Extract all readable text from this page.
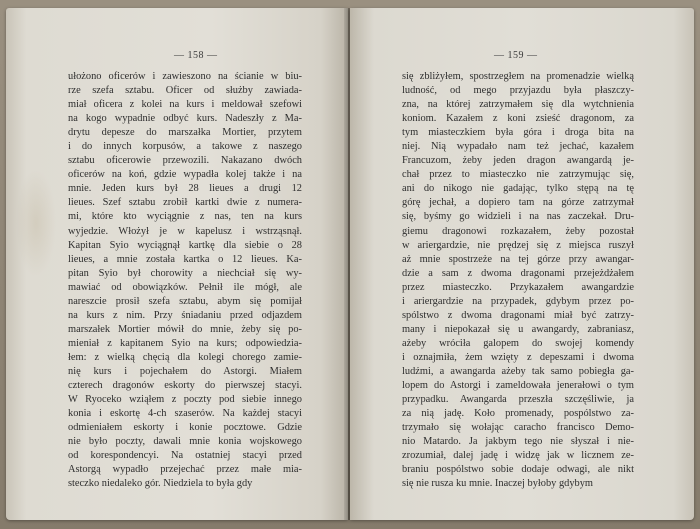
— 158 —
ułożono oficerów i zawieszono na ścianie w biu-
rze szefa sztabu. Oficer od służby zawiada-
miał oficera z kolei na kurs i meldował szefowi
na kogo wypadnie odbyć kurs. Nadeszły z Ma-
drytu depesze do marszałka Mortier, przytem
i do innych korpusów, a takowe z naszego
sztabu oficerowie przewozili. Nakazano dwóch
oficerów na koń, gdzie wypadła kolej także i na
mnie. Jeden kurs był 28 lieues a drugi 12
lieues. Szef sztabu zrobił kartki dwie z numera-
mi, które kto wyciągnie z nas, ten na kurs
wyjedzie. Włożył je w kapelusz i wstrząsnął.
Kapitan Syio wyciągnął kartkę dla siebie o 28
lieues, a mnie została kartka o 12 lieues. Ka-
pitan Syio był chorowity a niechciał się wy-
mawiać od obowiązków. Pełnił ile mógł, ale
nareszcie prosił szefa sztabu, abym się pomijał
na kurs z nim. Przy śniadaniu przed odjazdem
marszałek Mortier mówił do mnie, żeby się po-
mieniał z kapitanem Syio na kurs; odpowiedzia-
łem: z wielką chęcią dla kolegi chorego zamie-
nię kurs i pojechałem do Astorgi. Miałem
czterech dragonów eskorty do pierwszej stacyi.
W Ryoceko wziąłem z poczty pod siebie innego
konia i eskortę 4-ch szaserów. Na każdej stacyi
odmieniałem eskorty i konie pocztowe. Gdzie
nie było poczty, dawali mnie konia wojskowego
od korespondencyi. Na ostatniej stacyi przed
Astorgą wypadło przejechać przez małe mia-
steczko niedaleko gór. Niedziela to była gdy
— 159 —
się zbliżyłem, spostrzegłem na promenadzie wielką
ludność, od mego przyjazdu była płaszczy-
zna, na której zatrzymałem się dla wytchnienia
koniom. Kazałem z koni zsieść dragonom, za
tym miasteczkiem była góra i droga bita na
niej. Nią wypadało nam też jechać, kazałem
Francuzom, żeby jeden dragon awangardą je-
chał przez to miasteczko nie zatrzymując się,
ani do nikogo nie gadając, tylko stępą na tę
górę jechał, a dopiero tam na górze zatrzymał
się, byśmy go widzieli i na nas zaczekał. Dru-
giemu dragonowi rozkazałem, żeby pozostał
w ariergardzie, nie prędzej się z miejsca ruszył
aż mnie spostrzeże na tej górze przy awangar-
dzie a sam z dwoma dragonami przejeżdżałem
przez miasteczko. Przykazałem awangardzie
i ariergardzie na przypadek, gdybym przez po-
spólstwo z dwoma dragonami miał być zatrzy-
many i niepokazał się u awangardy, zabraniasz,
ażeby wróciła galopem do swojej komendy
i oznajmiła, żem wzięty z depeszami i dwoma
ludźmi, a awangarda ażeby tak samo pobiegła ga-
lopem do Astorgi i zameldowała jenerałowi o tym
przypadku. Awangarda przeszła szczęśliwie, ja
za nią jadę. Koło promenady, pospólstwo za-
trzymało się wołając caracho francisco Demo-
nio Matardo. Ja jakbym tego nie słyszał i nie-
zrozumiał, dalej jadę i widzę jak w licznem ze-
braniu pospólstwo sobie dodaje odwagi, ale nikt
się nie rusza ku mnie. Inaczej byłoby gdybym
